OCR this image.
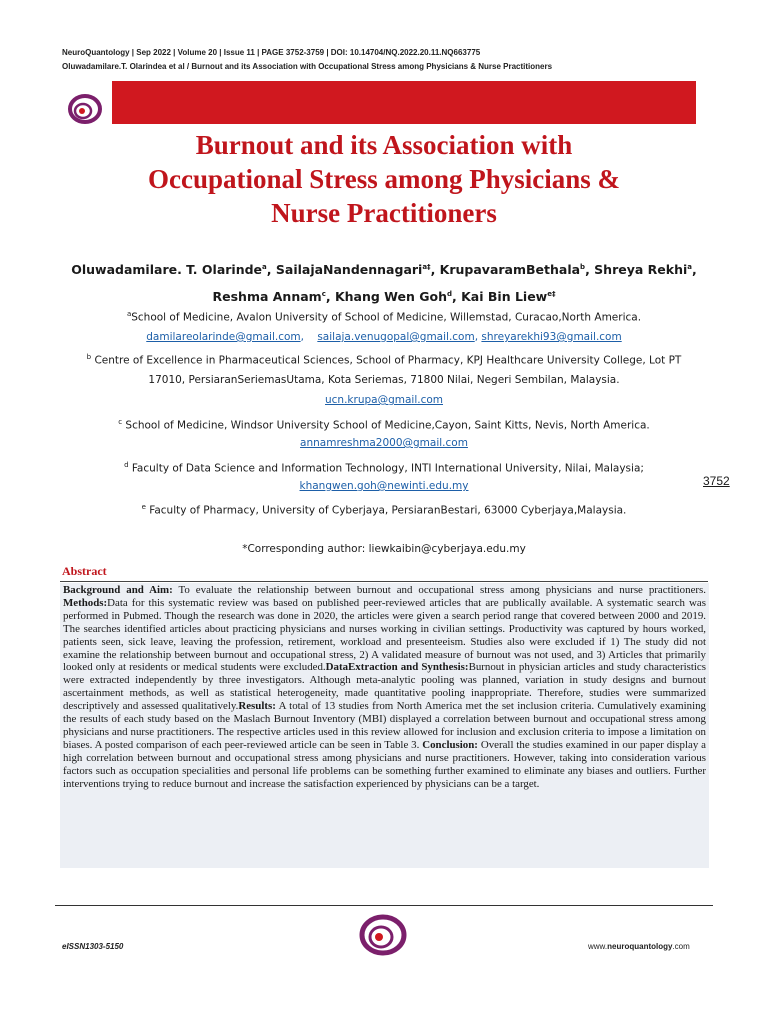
NeuroQuantology | Sep 2022 | Volume 20 | Issue 11 | PAGE 3752-3759 | DOI: 10.14704/NQ.2022.20.11.NQ663775
Oluwadamilare.T. Olarindea et al / Burnout and its Association with Occupational Stress among Physicians & Nurse Practitioners
Burnout and its Association with
Occupational Stress among Physicians &
Nurse Practitioners
Oluwadamilare. T. Olarinde$^a$, SailajaNandennagari$^{a\ddagger}$, KrupavaramBethala$^b$, Shreya Rekhi$^a$, Reshma Annam$^c$, Khang Wen Goh$^d$, Kai Bin Liew$^{e\ddagger}$
$^a$School of Medicine, Avalon University of School of Medicine, Willemstad, Curacao,North America.
damilareolarinde@gmail.com,    sailaja.venugopal@gmail.com, shreyarekhi93@gmail.com
$^b$ Centre of Excellence in Pharmaceutical Sciences, School of Pharmacy, KPJ Healthcare University College, Lot PT
17010, PersiaranSeriemasUtama, Kota Seriemas, 71800 Nilai, Negeri Sembilan, Malaysia.
ucn.krupa@gmail.com
$^c$ School of Medicine, Windsor University School of Medicine,Cayon, Saint Kitts, Nevis, North America.
annamreshma2000@gmail.com
$^d$ Faculty of Data Science and Information Technology, INTI International University, Nilai, Malaysia;
khangwen.goh@newinti.edu.my
$^e$ Faculty of Pharmacy, University of Cyberjaya, PersiaranBestari, 63000 Cyberjaya,Malaysia.
3752
*Corresponding author: liewkaibin@cyberjaya.edu.my
Abstract
Background and Aim: To evaluate the relationship between burnout and occupational stress among physicians and nurse practitioners. Methods:Data for this systematic review was based on published peer-reviewed articles that are publically available. A systematic search was performed in Pubmed. Though the research was done in 2020, the articles were given a search period range that covered between 2000 and 2019. The searches identified articles about practicing physicians and nurses working in civilian settings. Productivity was captured by hours worked, patients seen, sick leave, leaving the profession, retirement, workload and presenteeism. Studies also were excluded if 1) The study did not examine the relationship between burnout and occupational stress, 2) A validated measure of burnout was not used, and 3) Articles that primarily looked only at residents or medical students were excluded.DataExtraction and Synthesis:Burnout in physician articles and study characteristics were extracted independently by three investigators. Although meta-analytic pooling was planned, variation in study designs and burnout ascertainment methods, as well as statistical heterogeneity, made quantitative pooling inappropriate. Therefore, studies were summarized descriptively and assessed qualitatively.Results: A total of 13 studies from North America met the set inclusion criteria. Cumulatively examining the results of each study based on the Maslach Burnout Inventory (MBI) displayed a correlation between burnout and occupational stress among physicians and nurse practitioners. The respective articles used in this review allowed for inclusion and exclusion criteria to impose a limitation on biases. A posted comparison of each peer-reviewed article can be seen in Table 3. Conclusion: Overall the studies examined in our paper display a high correlation between burnout and occupational stress among physicians and nurse practitioners. However, taking into consideration various factors such as occupation specialities and personal life problems can be something further examined to eliminate any biases and outliers. Further interventions trying to reduce burnout and increase the satisfaction experienced by physicians can be a target.
eISSN1303-5150	www.neuroquantology.com
